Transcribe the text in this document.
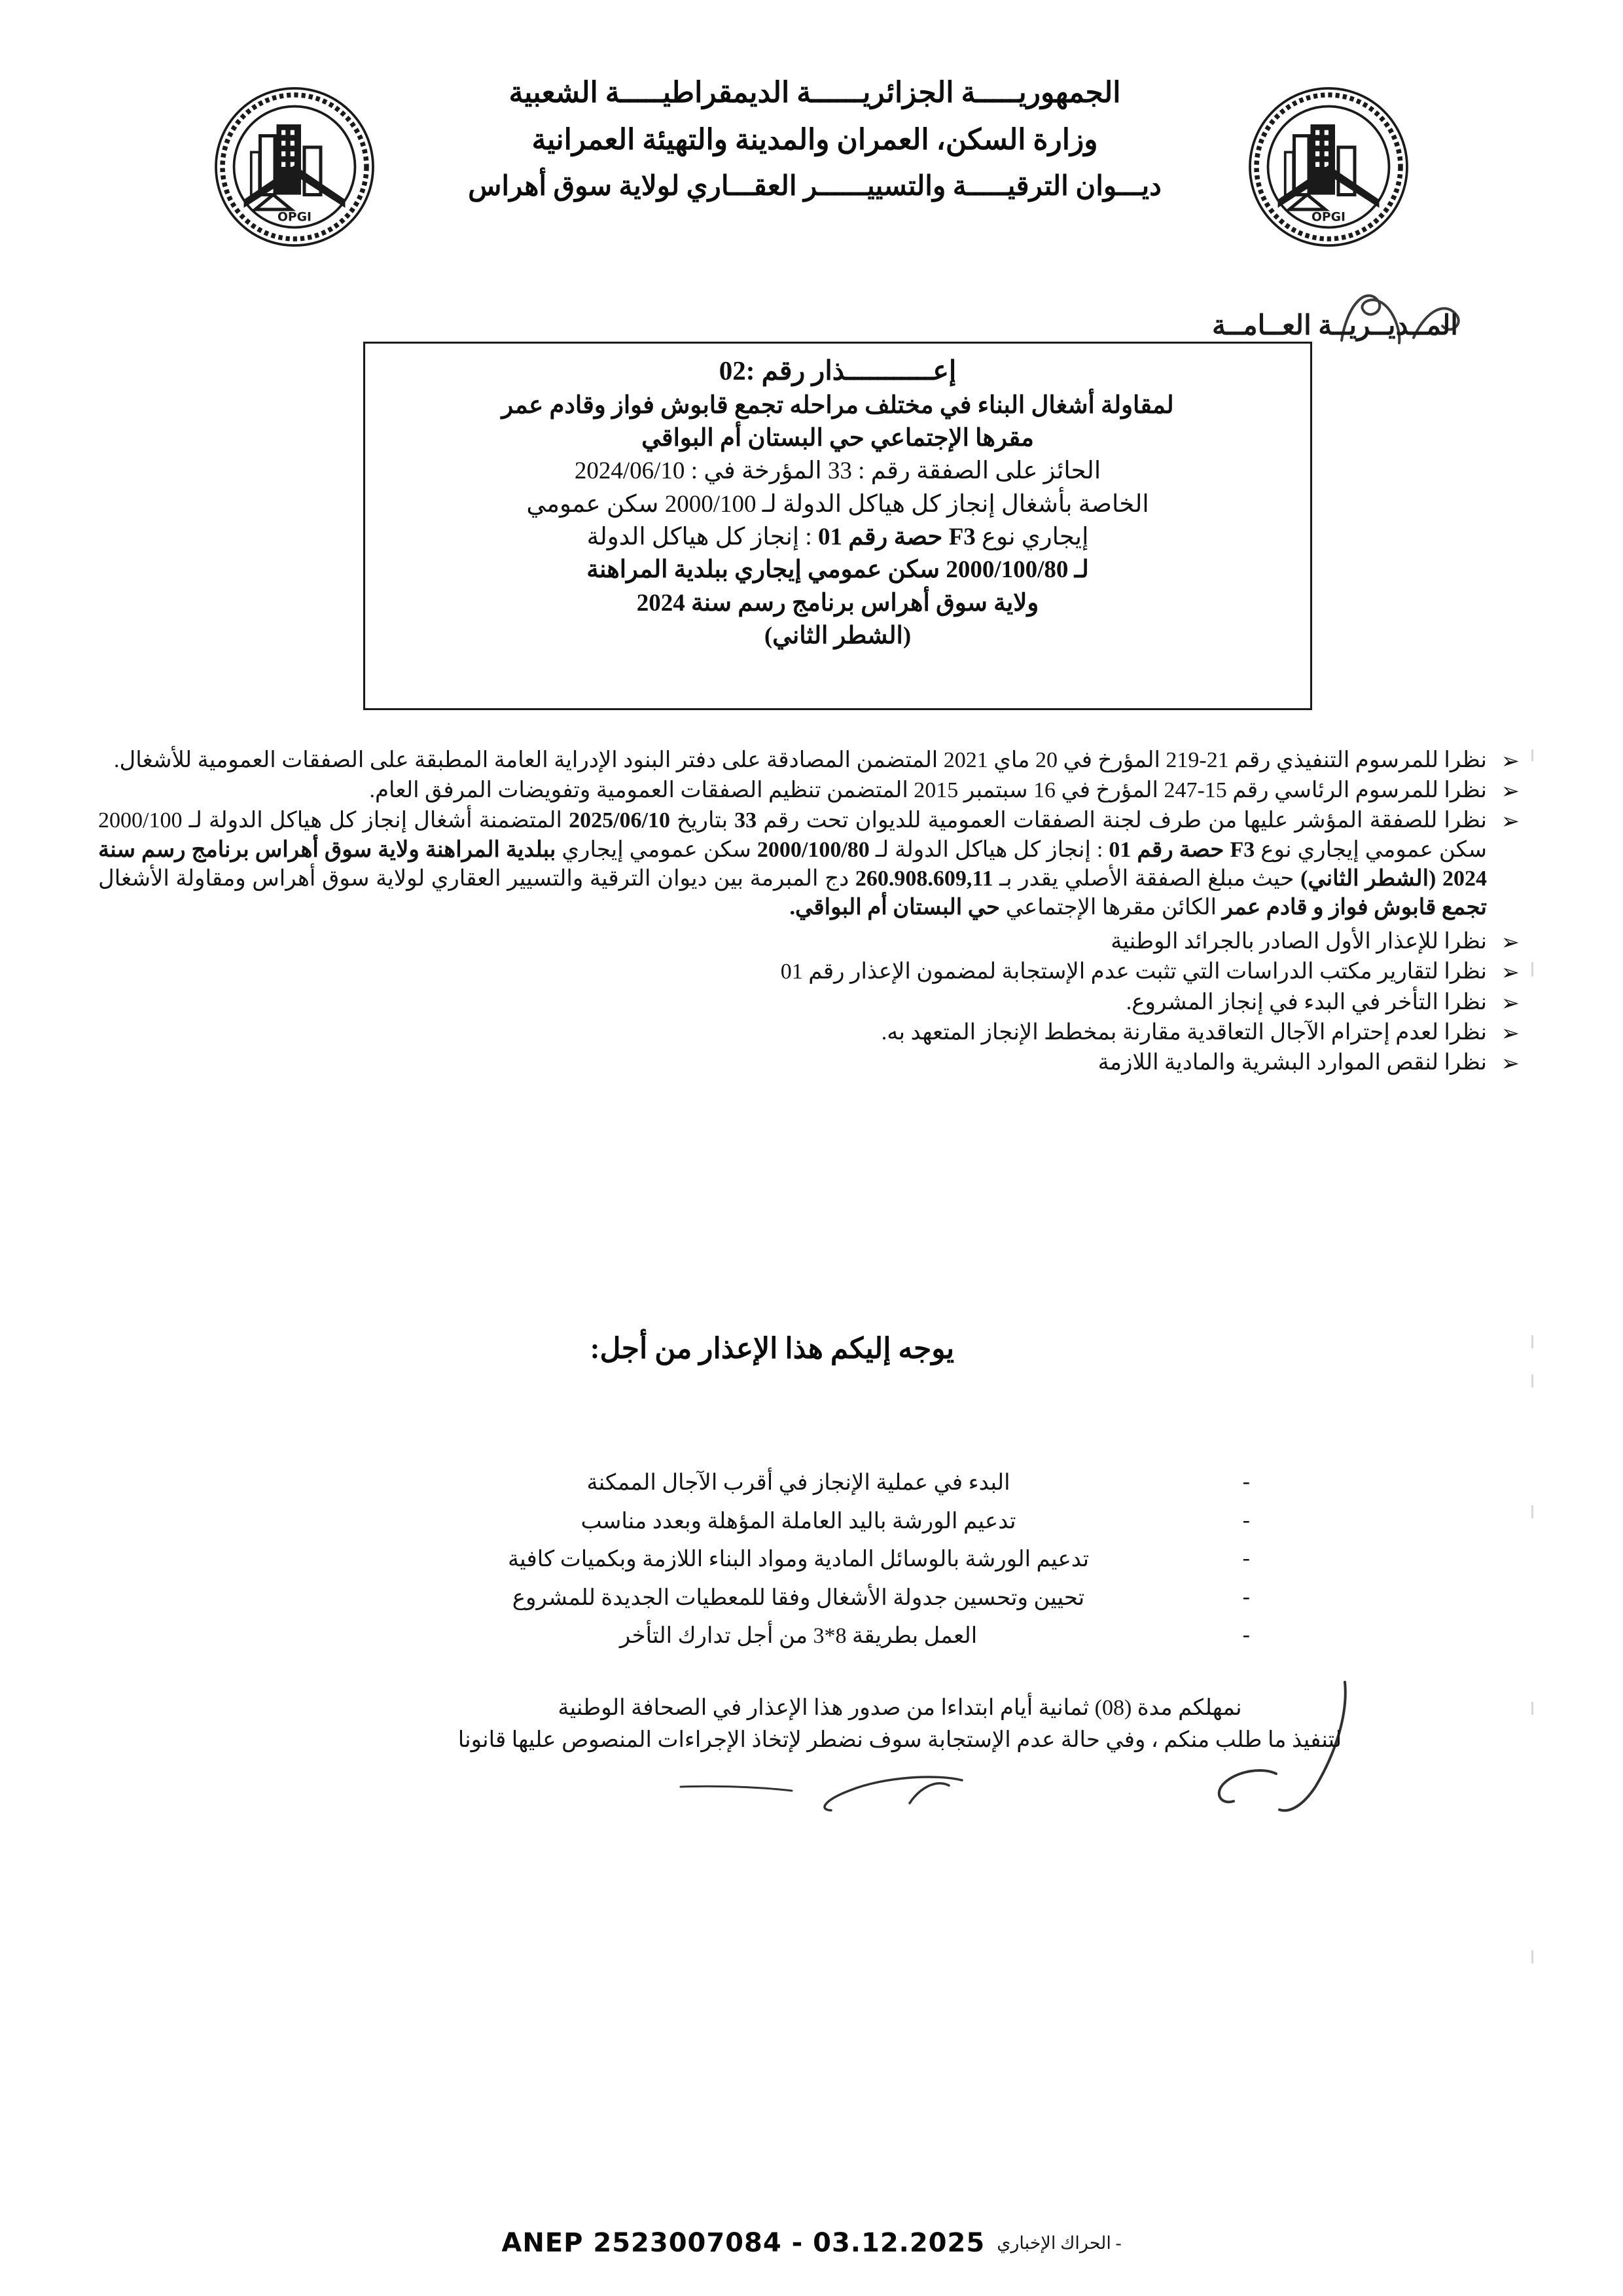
OPGI	OPGI
الجمهوريـــــة الجزائريــــــة الديمقراطيـــــة الشعبية
وزارة السكن، العمران والمدينة والتهيئة العمرانية
ديـــوان الترقيـــــة والتسييــــــر العقـــاري لولاية سوق أهراس
المــديــريــة العــامــة
إعـــــــــــذار رقم :02
لمقاولة أشغال البناء في مختلف مراحله تجمع قابوش فواز وقادم عمر
مقرها الإجتماعي حي البستان أم البواقي
الحائز على الصفقة رقم : 33 المؤرخة في : 2024/06/10
الخاصة بأشغال إنجاز كل هياكل الدولة لـ 2000/100 سكن عمومي
إيجاري نوع F3 حصة رقم 01 : إنجاز كل هياكل الدولة
لـ 2000/100/80 سكن عمومي إيجاري ببلدية المراهنة
ولاية سوق أهراس برنامج رسم سنة 2024
(الشطر الثاني)
➢
نظرا للمرسوم التنفيذي رقم 21-219 المؤرخ في 20 ماي 2021 المتضمن المصادقة على دفتر البنود الإدراية العامة المطبقة على الصفقات العمومية للأشغال.
➢
نظرا للمرسوم الرئاسي رقم 15-247 المؤرخ في 16 سبتمبر 2015 المتضمن تنظيم الصفقات العمومية وتفويضات المرفق العام.
➢
نظرا للصفقة المؤشر عليها من طرف لجنة الصفقات العمومية للديوان تحت رقم 33 بتاريخ 2025/06/10 المتضمنة أشغال إنجاز كل هياكل الدولة لـ 2000/100 سكن عمومي إيجاري نوع F3 حصة رقم 01 : إنجاز كل هياكل الدولة لـ 2000/100/80 سكن عمومي إيجاري ببلدية المراهنة ولاية سوق أهراس برنامج رسم سنة 2024 (الشطر الثاني) حيث مبلغ الصفقة الأصلي يقدر بـ 260.908.609,11 دج المبرمة بين ديوان الترقية والتسيير العقاري لولاية سوق أهراس ومقاولة الأشغال تجمع قابوش فواز و قادم عمر الكائن مقرها الإجتماعي حي البستان أم البواقي.
➢
نظرا للإعذار الأول الصادر بالجرائد الوطنية
➢
نظرا لتقارير مكتب الدراسات التي تثبت عدم الإستجابة لمضمون الإعذار رقم 01
➢
نظرا التأخر في البدء في إنجاز المشروع.
➢
نظرا لعدم إحترام الآجال التعاقدية مقارنة بمخطط الإنجاز المتعهد به.
➢
نظرا لنقص الموارد البشرية والمادية اللازمة
يوجه إليكم هذا الإعذار من أجل:
-
البدء في عملية الإنجاز في أقرب الآجال الممكنة
-
تدعيم الورشة باليد العاملة المؤهلة وبعدد مناسب
-
تدعيم الورشة بالوسائل المادية ومواد البناء اللازمة وبكميات كافية
-
تحيين وتحسين جدولة الأشغال وفقا للمعطيات الجديدة للمشروع
-
العمل بطريقة 8*3 من أجل تدارك التأخر
نمهلكم مدة (08) ثمانية أيام ابتداءا من صدور هذا الإعذار في الصحافة الوطنية
لتنفيذ ما طلب منكم ، وفي حالة عدم الإستجابة سوف نضطر لإتخاذ الإجراءات المنصوص عليها قانونا
ANEP 2523007084 - 03.12.2025 - الحراك الإخباري
